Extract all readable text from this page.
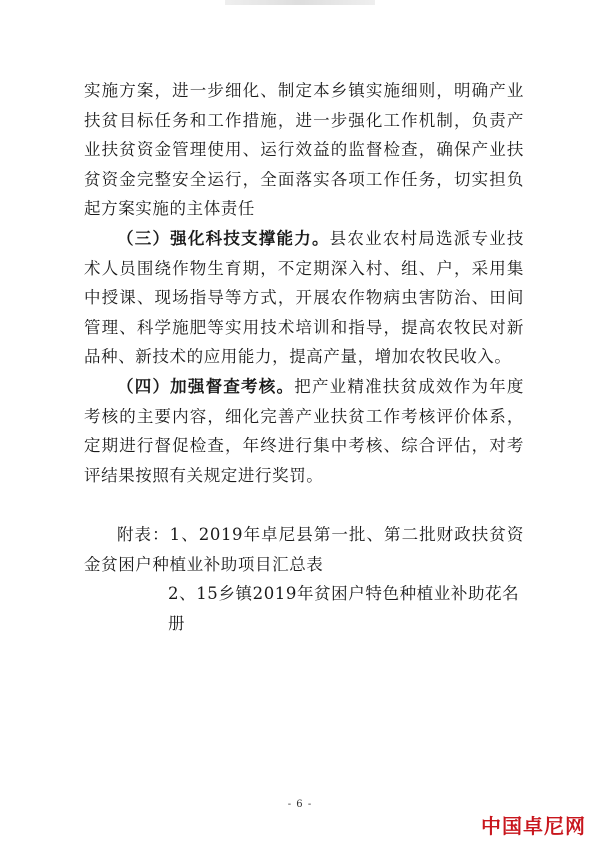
实施方案，进一步细化、制定本乡镇实施细则，明确产业扶贫目标任务和工作措施，进一步强化工作机制，负责产业扶贫资金管理使用、运行效益的监督检查，确保产业扶贫资金完整安全运行，全面落实各项工作任务，切实担负起方案实施的主体责任

（三）强化科技支撑能力。县农业农村局选派专业技术人员围绕作物生育期，不定期深入村、组、户，采用集中授课、现场指导等方式，开展农作物病虫害防治、田间管理、科学施肥等实用技术培训和指导，提高农牧民对新品种、新技术的应用能力，提高产量，增加农牧民收入。

（四）加强督查考核。把产业精准扶贫成效作为年度考核的主要内容，细化完善产业扶贫工作考核评价体系，定期进行督促检查，年终进行集中考核、综合评估，对考评结果按照有关规定进行奖罚。

附表：1、2019年卓尼县第一批、第二批财政扶贫资金贫困户种植业补助项目汇总表

2、15乡镇2019年贫困户特色种植业补助花名册

- 6 -
中国卓尼网
